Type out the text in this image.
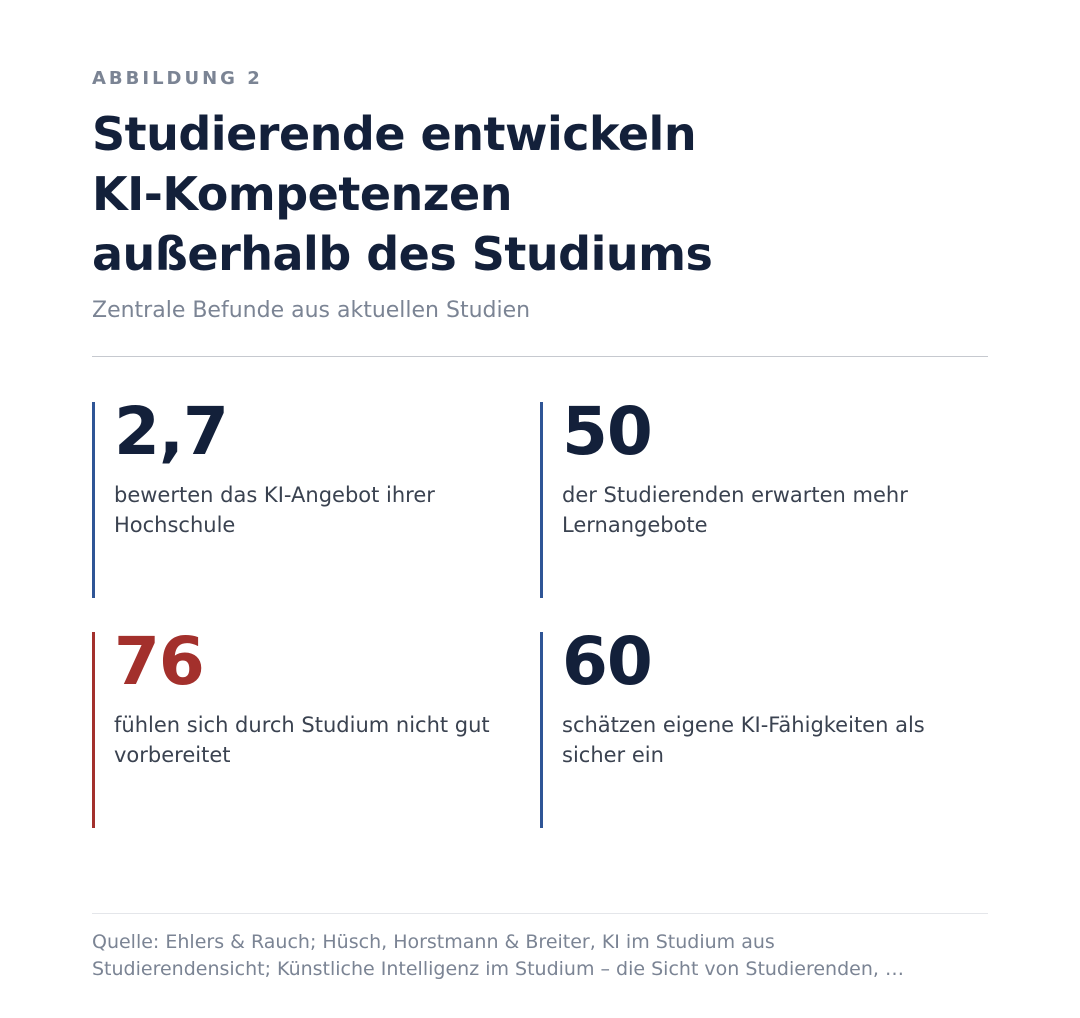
ABBILDUNG 2
Studierende entwickeln
KI-Kompetenzen
außerhalb des Studiums
Zentrale Befunde aus aktuellen Studien
2,7
bewerten das KI-Angebot ihrer Hochschule
50
der Studierenden erwarten mehr Lernangebote
76
fühlen sich durch Studium nicht gut vorbereitet
60
schätzen eigene KI-Fähigkeiten als sicher ein
Quelle: Ehlers & Rauch; Hüsch, Horstmann & Breiter, KI im Studium aus
Studierendensicht; Künstliche Intelligenz im Studium – die Sicht von Studierenden, …
